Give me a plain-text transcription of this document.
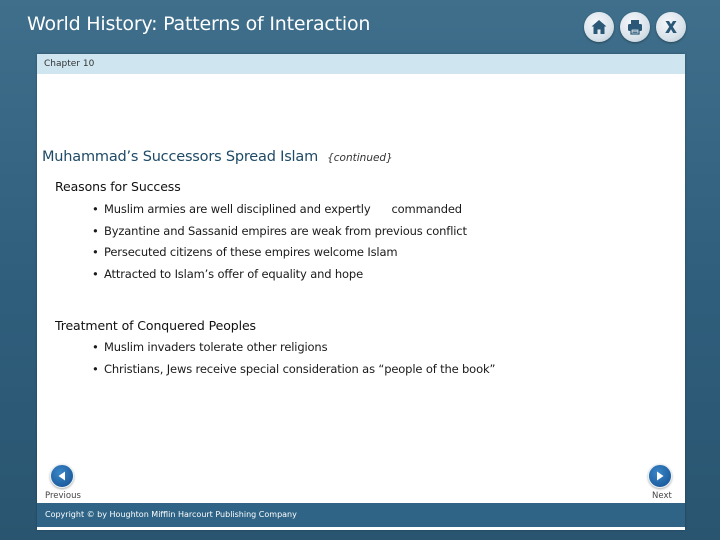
World History: Patterns of Interaction
Chapter 10
Muhammad’s Successors Spread Islam {continued}
Reasons for Success
• Muslim armies are well disciplined and expertly      commanded
• Byzantine and Sassanid empires are weak from previous conflict
• Persecuted citizens of these empires welcome Islam
• Attracted to Islam’s offer of equality and hope
Treatment of Conquered Peoples
• Muslim invaders tolerate other religions
• Christians, Jews receive special consideration as “people of the book”
Previous	Next
Copyright © by Houghton Mifflin Harcourt Publishing Company
